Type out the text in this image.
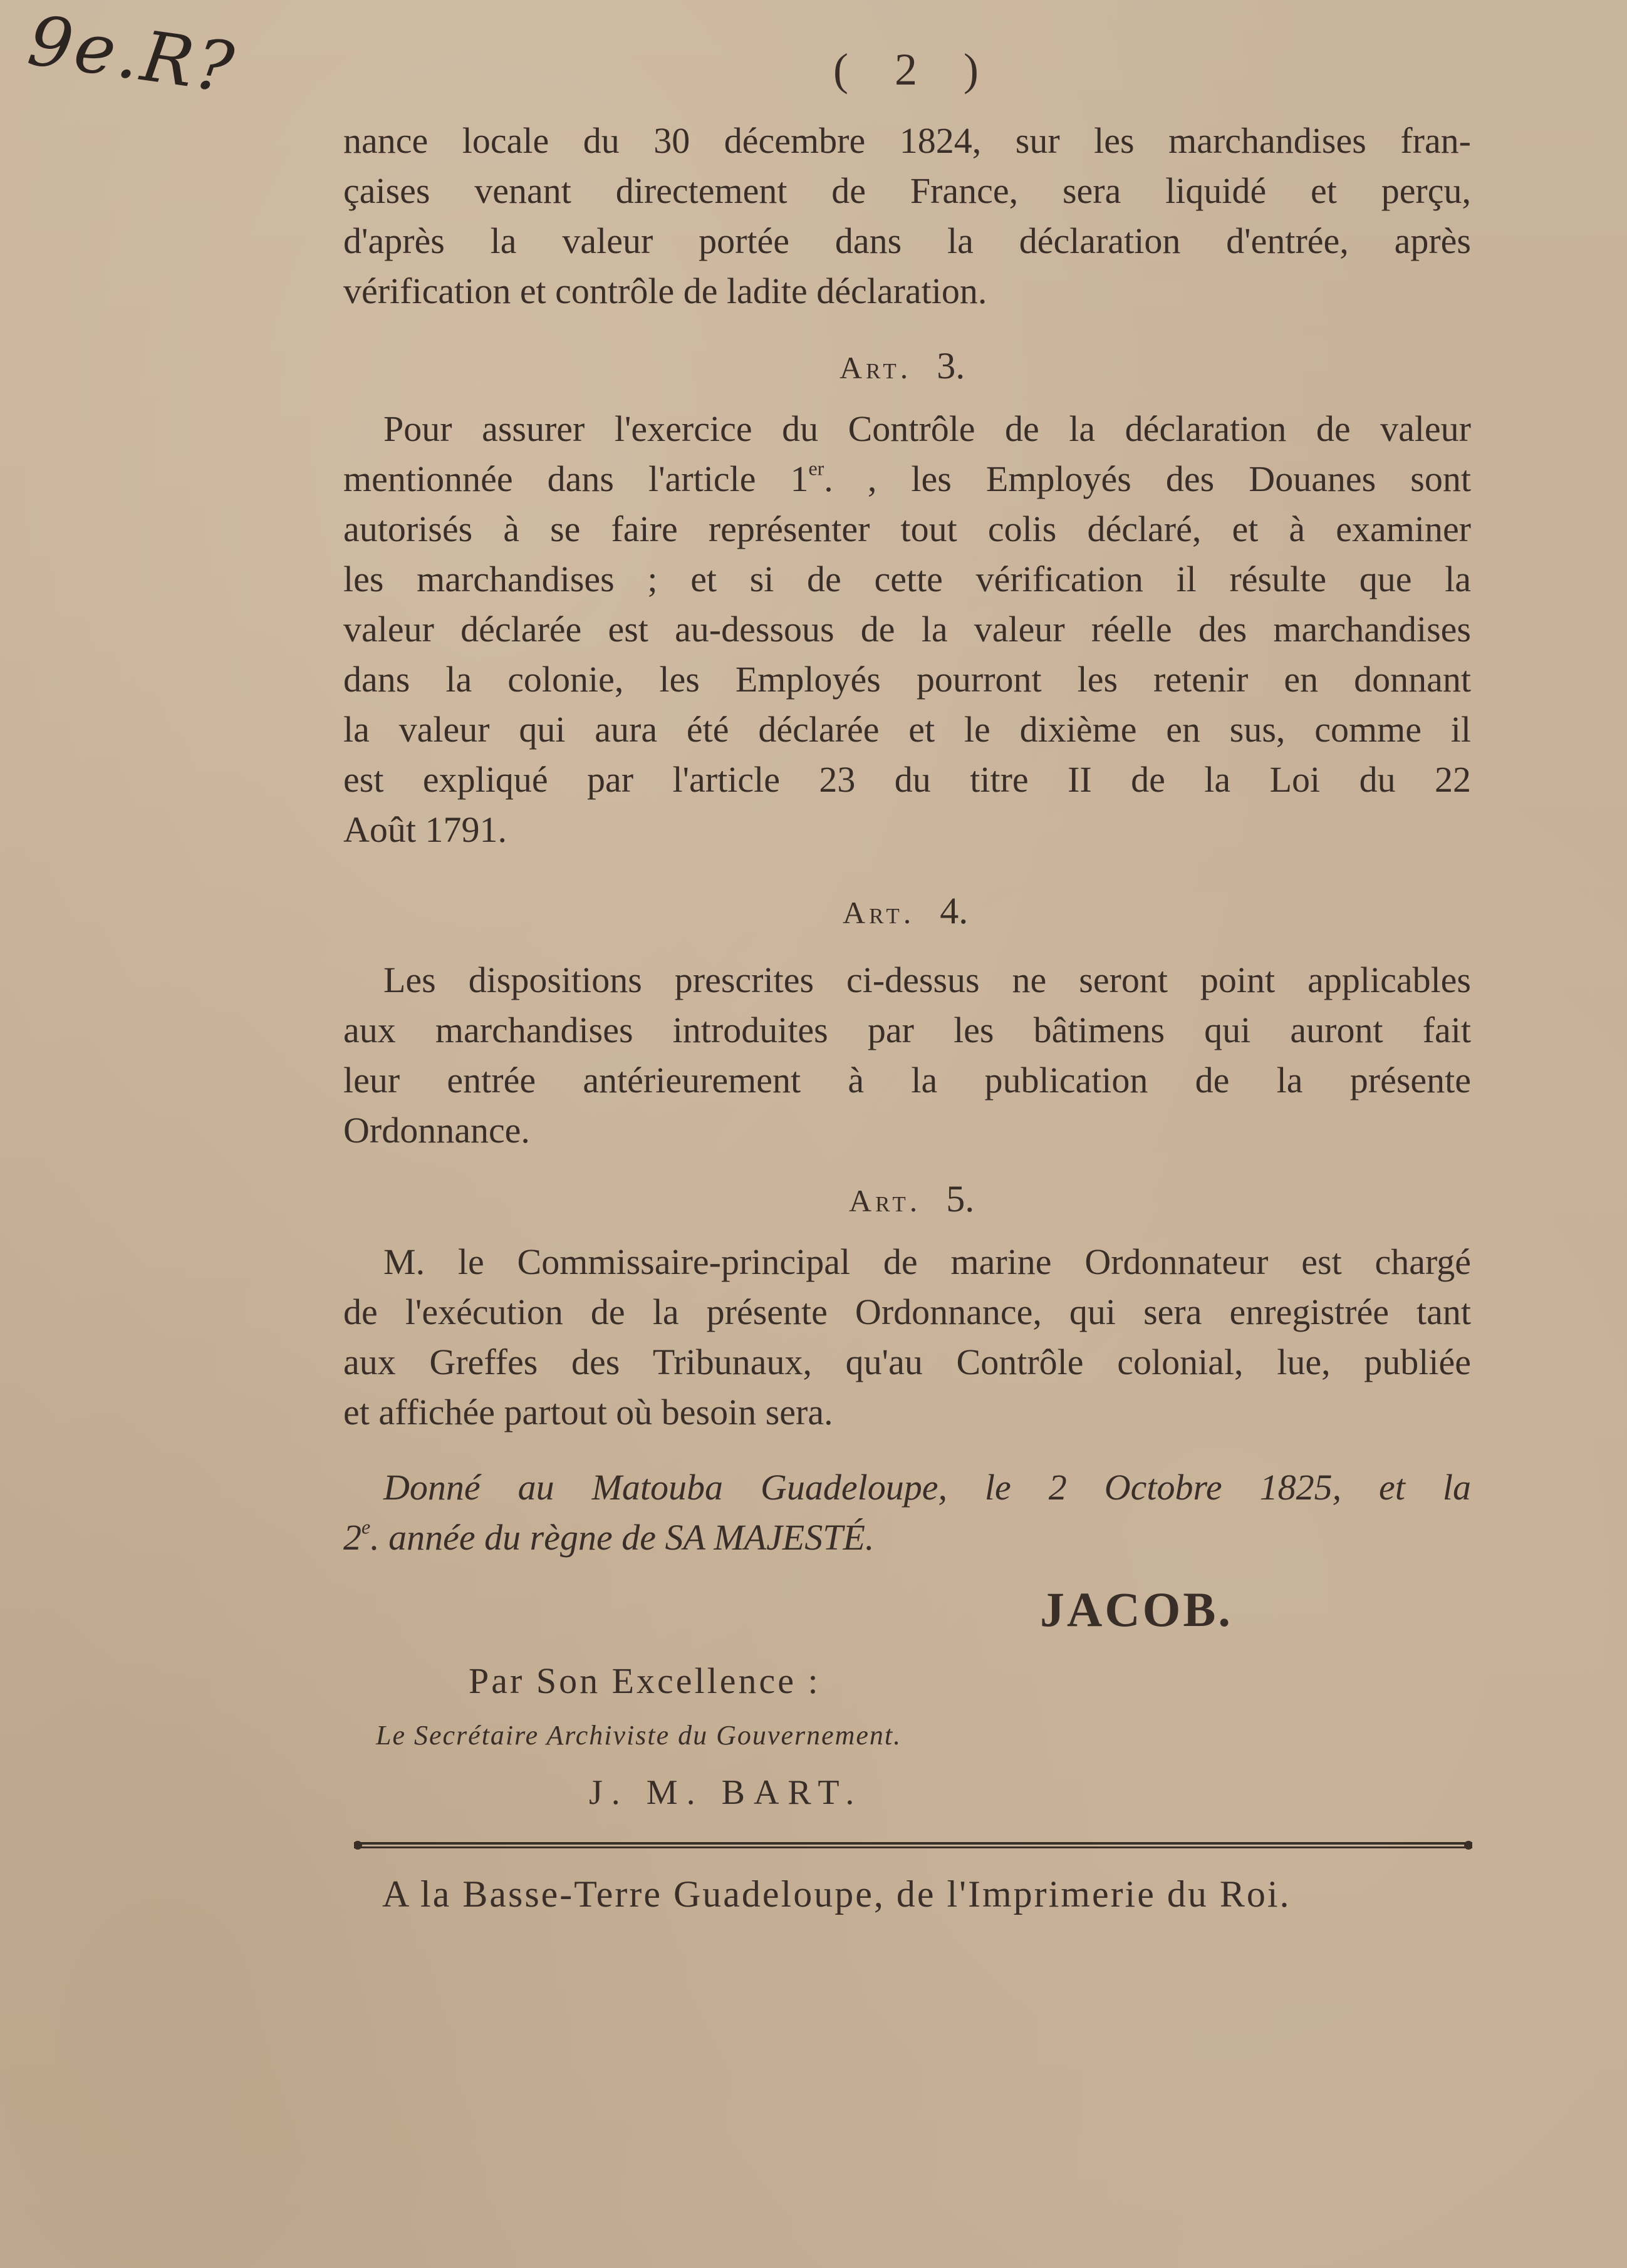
9e.R?	( 2 )
nance locale du 30 décembre 1824, sur les marchandises fran-
çaises venant directement de France, sera liquidé et perçu,
d'après la valeur portée dans la déclaration d'entrée, après
vérification et contrôle de ladite déclaration.
Art. 3.
Pour assurer l'exercice du Contrôle de la déclaration de valeur
mentionnée dans l'article 1er. , les Employés des Douanes sont
autorisés à se faire représenter tout colis déclaré, et à examiner
les marchandises ; et si de cette vérification il résulte que la
valeur déclarée est au-dessous de la valeur réelle des marchandises
dans la colonie, les Employés pourront les retenir en donnant
la valeur qui aura été déclarée et le dixième en sus, comme il
est expliqué par l'article 23 du titre II de la Loi du 22
Août 1791.
Art. 4.
Les dispositions prescrites ci-dessus ne seront point applicables
aux marchandises introduites par les bâtimens qui auront fait
leur entrée antérieurement à la publication de la présente
Ordonnance.
Art. 5.
M. le Commissaire-principal de marine Ordonnateur est chargé
de l'exécution de la présente Ordonnance, qui sera enregistrée tant
aux Greffes des Tribunaux, qu'au Contrôle colonial, lue, publiée
et affichée partout où besoin sera.
Donné au Matouba Guadeloupe, le 2 Octobre 1825, et la
2e. année du règne de SA MAJESTÉ.
JACOB.
Par Son Excellence :
Le Secrétaire Archiviste du Gouvernement.
J. M. BART.
A la Basse-Terre Guadeloupe, de l'Imprimerie du Roi.
